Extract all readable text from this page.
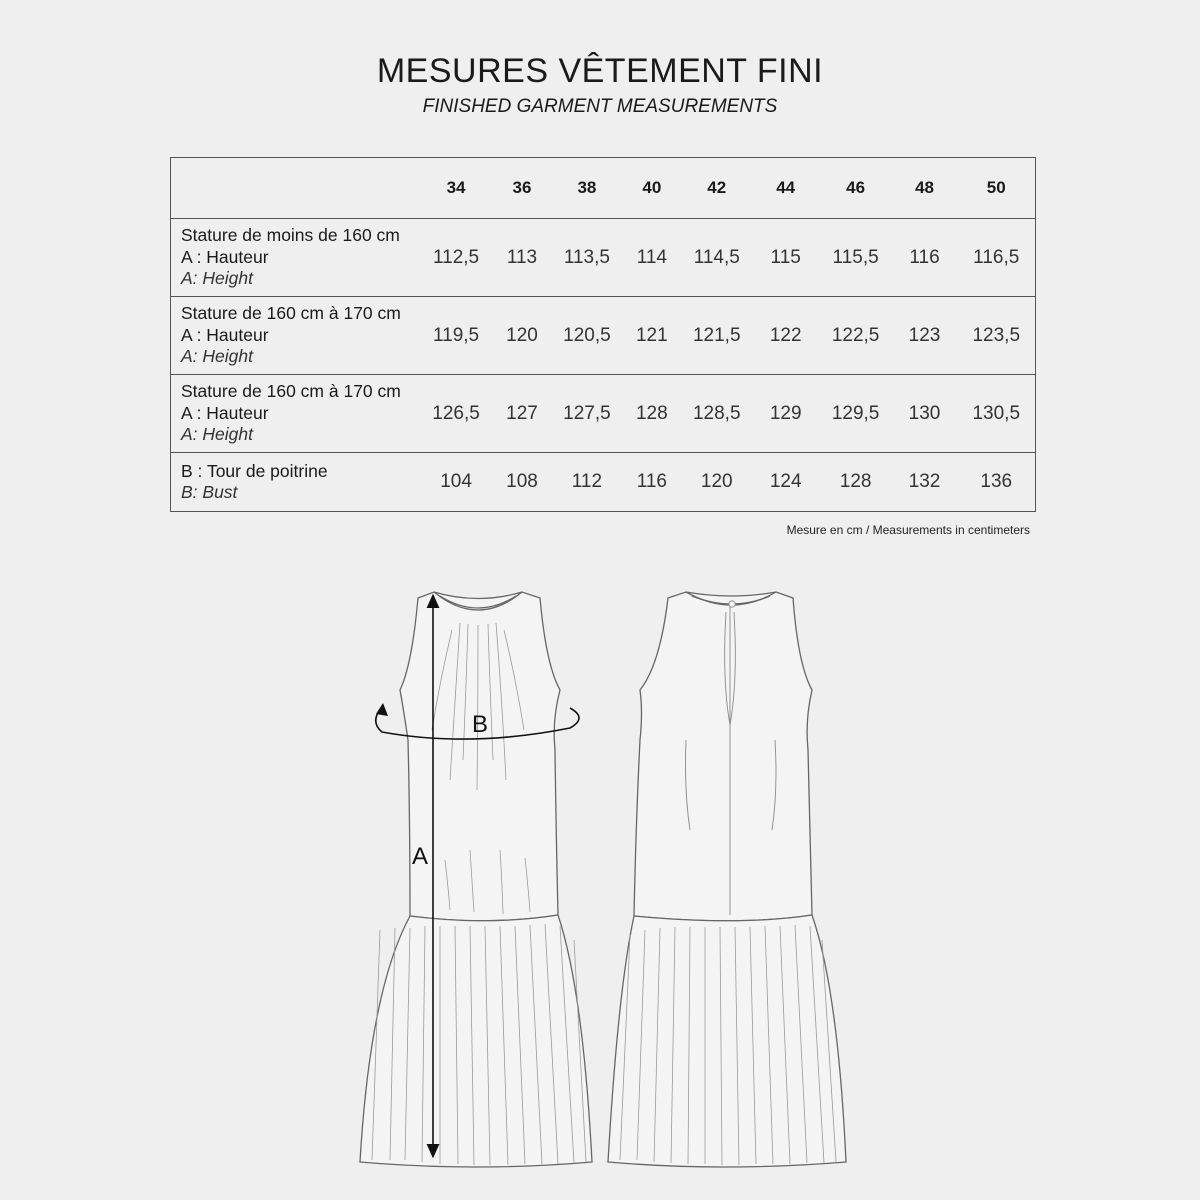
MESURES VÊTEMENT FINI
FINISHED GARMENT MEASUREMENTS
	34	36	38	40	42	44	46	48	50

Stature de moins de 160 cm
A : Hauteur
A: Height	112,5	113	113,5	114	114,5	115	115,5	116	116,5

Stature de 160 cm à 170 cm
A : Hauteur
A: Height	119,5	120	120,5	121	121,5	122	122,5	123	123,5

Stature de 160 cm à 170 cm
A : Hauteur
A: Height	126,5	127	127,5	128	128,5	129	129,5	130	130,5

B : Tour de poitrine
B: Bust	104	108	112	116	120	124	128	132	136
Mesure en cm / Measurements in centimeters
A
B
